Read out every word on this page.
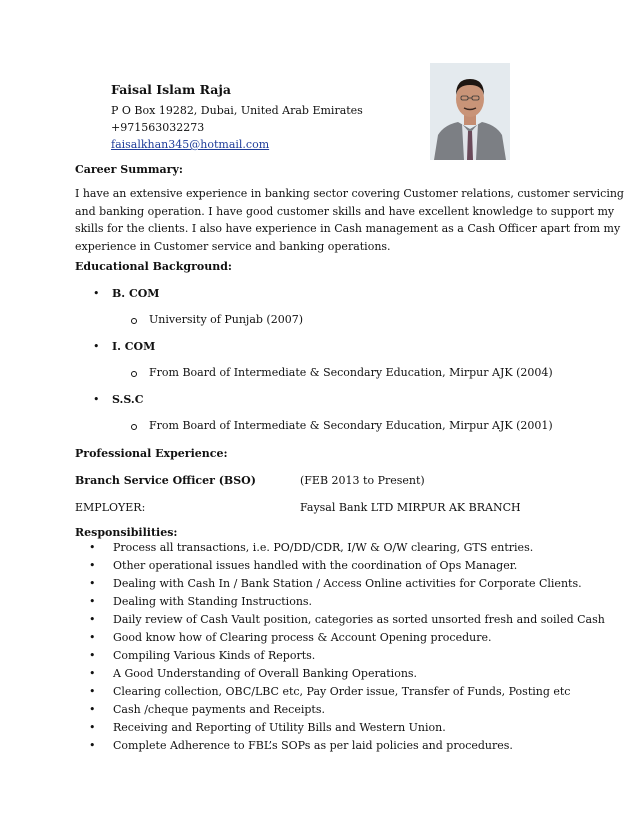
Faisal Islam Raja
P O Box 19282, Dubai, United Arab Emirates
+971563032273
faisalkhan345@hotmail.com
Career Summary:
I have an extensive experience in banking sector covering Customer relations, customer servicing
and banking operation. I have good customer skills and have excellent knowledge to support my
skills for the clients. I also have experience in Cash management as a Cash Officer apart from my
experience in Customer service and banking operations.
Educational Background:
• B. COM
University of Punjab (2007)
• I. COM
From Board of Intermediate & Secondary Education, Mirpur AJK (2004)
• S.S.C
From Board of Intermediate & Secondary Education, Mirpur AJK (2001)
Professional Experience:
Branch Service Officer (BSO)	(FEB 2013 to Present)
EMPLOYER:	Faysal Bank LTD MIRPUR AK BRANCH
Responsibilities:
• Process all transactions, i.e. PO/DD/CDR, I/W & O/W clearing, GTS entries.
• Other operational issues handled with the coordination of Ops Manager.
• Dealing with Cash In / Bank Station / Access Online activities for Corporate Clients.
• Dealing with Standing Instructions.
• Daily review of Cash Vault position, categories as sorted unsorted fresh and soiled Cash
• Good know how of Clearing process & Account Opening procedure.
• Compiling Various Kinds of Reports.
• A Good Understanding of Overall Banking Operations.
• Clearing collection, OBC/LBC etc, Pay Order issue, Transfer of Funds, Posting etc
• Cash /cheque payments and Receipts.
• Receiving and Reporting of Utility Bills and Western Union.
• Complete Adherence to FBL’s SOPs as per laid policies and procedures.
